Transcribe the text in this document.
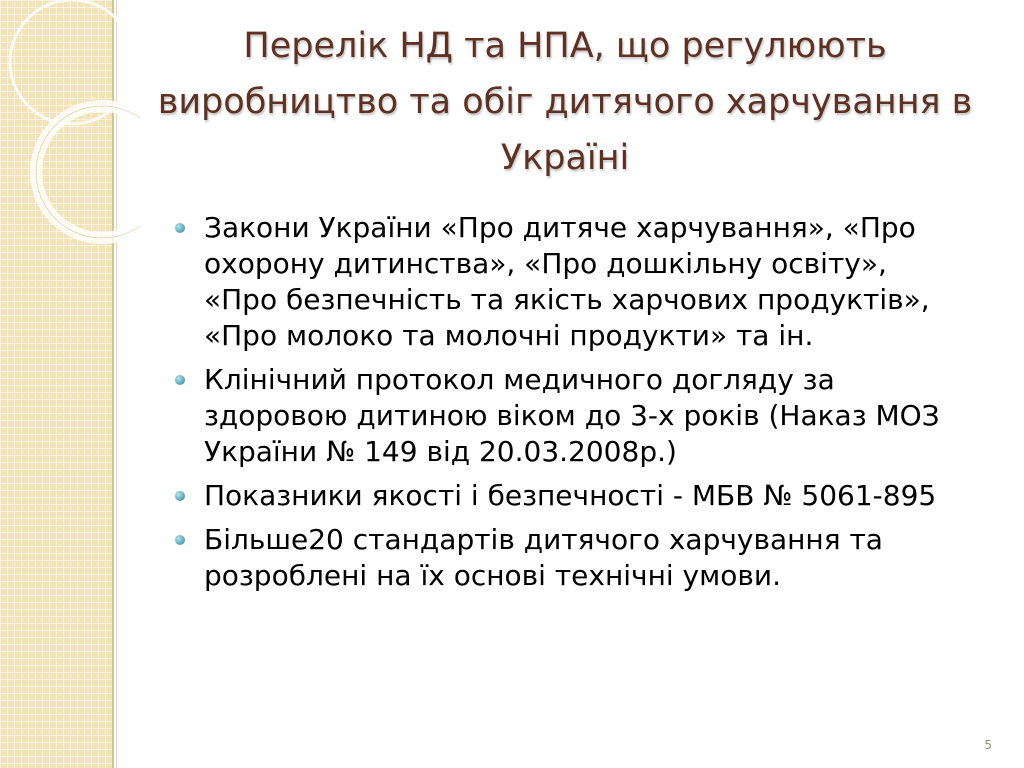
Перелік НД та НПА, що регулюють виробництво та обіг дитячого харчування в Україні
Закони України «Про дитяче харчування», «Про охорону дитинства», «Про дошкільну освіту», «Про безпечність та якість харчових продуктів», «Про молоко та молочні продукти» та ін.
Клінічний протокол медичного догляду за здоровою дитиною віком до 3-х років (Наказ МОЗ України № 149 від 20.03.2008р.)
Показники якості і безпечності - МБВ № 5061-895
Більше20 стандартів дитячого харчування та розроблені на їх основі технічні умови.
5
